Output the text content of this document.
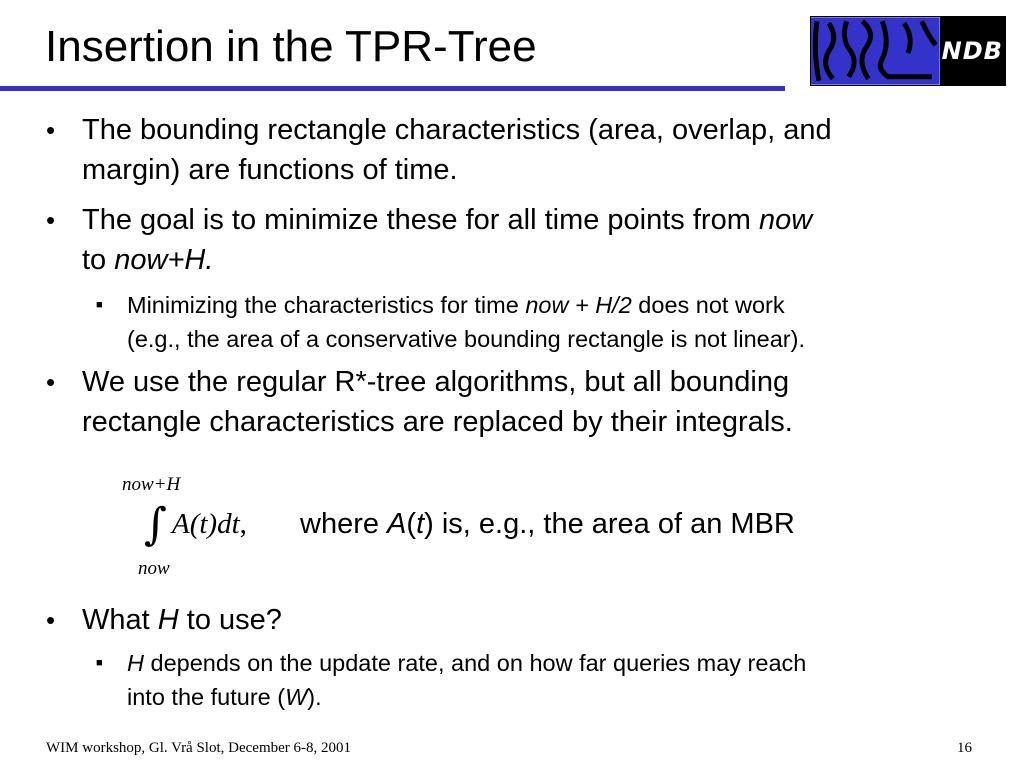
Insertion in the TPR-Tree	NDB
• The bounding rectangle characteristics (area, overlap, and
margin) are functions of time.
• The goal is to minimize these for all time points from now
to now+H.
■ Minimizing the characteristics for time now + H/2 does not work
(e.g., the area of a conservative bounding rectangle is not linear).
• We use the regular R*-tree algorithms, but all bounding
rectangle characteristics are replaced by their integrals.
now+H
∫
now
A(t)dt, where A(t) is, e.g., the area of an MBR
• What H to use?
■ H depends on the update rate, and on how far queries may reach
into the future (W).
WIM workshop, Gl. Vrå Slot, December 6-8, 2001	16
